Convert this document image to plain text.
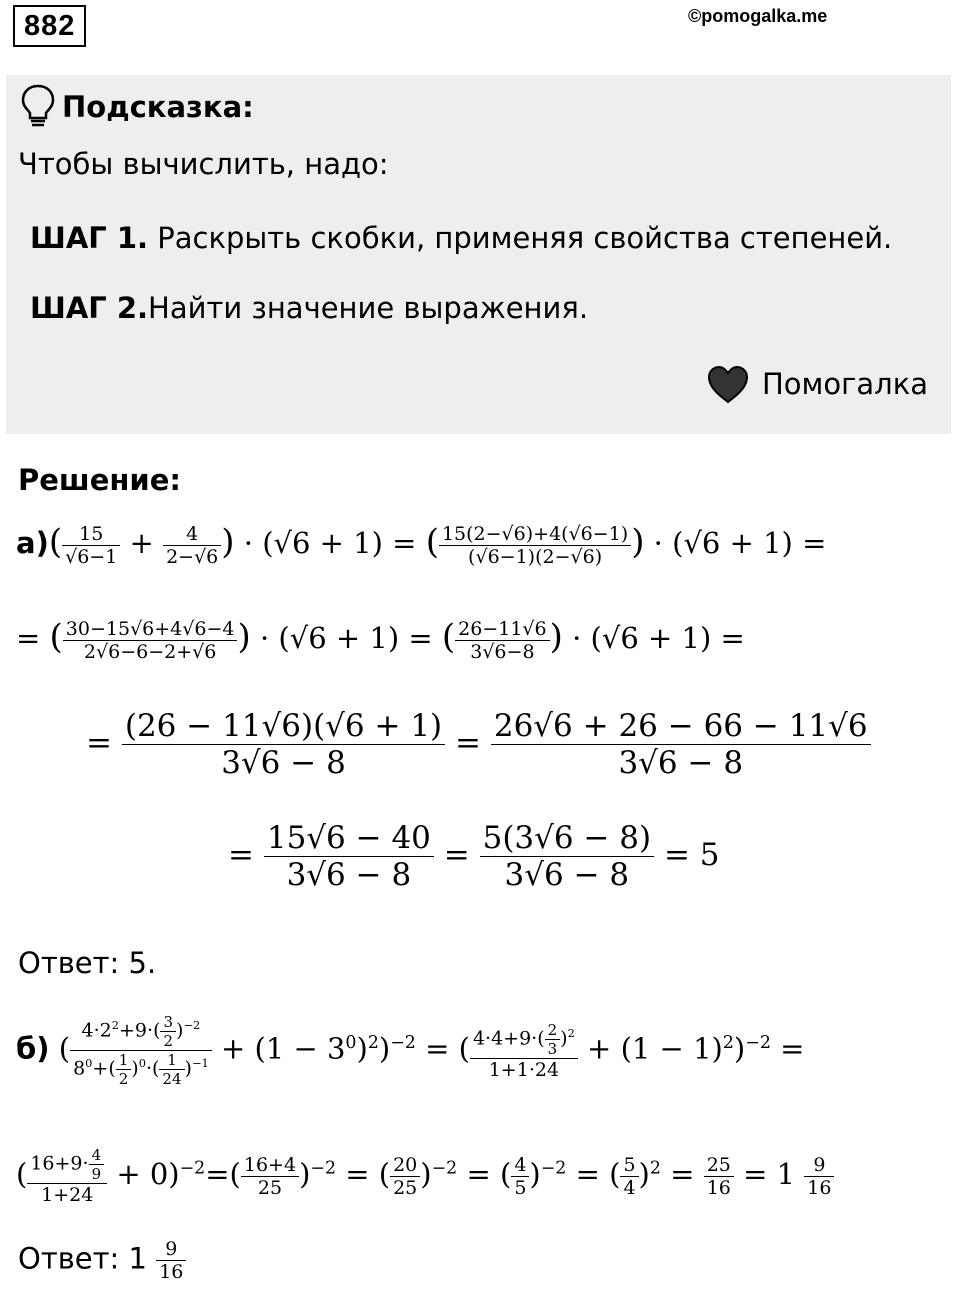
882	©pomogalka.me
Подсказка:
Чтобы вычислить, надо:
ШАГ 1. Раскрыть скобки, применяя свойства степеней.
ШАГ 2.Найти значение выражения.
Помогалка
Решение:
$а)( \frac{15}{√6-1} + \frac{4}{2-√6}$ ) · (√6 + 1) = ( $\frac{15(2-√6)+4(√6-1)}{(√6-1)(2-√6)}$ ) · (√6 + 1) =
= ( $\frac{30-15√6+4√6-4}{2√6-6-2+√6}$ ) · (√6 + 1) = ( $\frac{26-11√6}{3√6-8}$ ) · (√6 + 1) =
= $\frac{(26 - 11√6)(√6 + 1)}{3√6 - 8} = \frac{26√6 + 26 - 66 - 11√6}{3√6 - 8}$
= $\frac{15√6 - 40}{3√6 - 8} = \frac{5(3√6 - 8)}{3√6 - 8} = 5$
Ответ: 5.
б) ( $\frac{4\cdot 2^2+9\cdot( \frac{3}{2} )^{-2}}{8^0+( \frac{1}{2} )^0\cdot( \frac{1}{24} )^{-1}} + (1 - 3^0)^2)^{-2}$ = ( $\frac{4\cdot 4+9\cdot( \frac{2}{3} )^2}{1+1\cdot 24} + (1 - 1)^2)^{-2}$ =
( $\frac{16+9\cdot \frac{4}{9}}{1+24} + 0)^{-2}=( \frac{16+4}{25} )^{-2}$ = ( $\frac{20}{25} )^{-2}$ = ( $\frac{4}{5} )^{-2}$ = ( $\frac{5}{4} )^2 = \frac{25}{16} = 1 \frac{9}{16}$
Ответ: $1 \frac{9}{16}$
